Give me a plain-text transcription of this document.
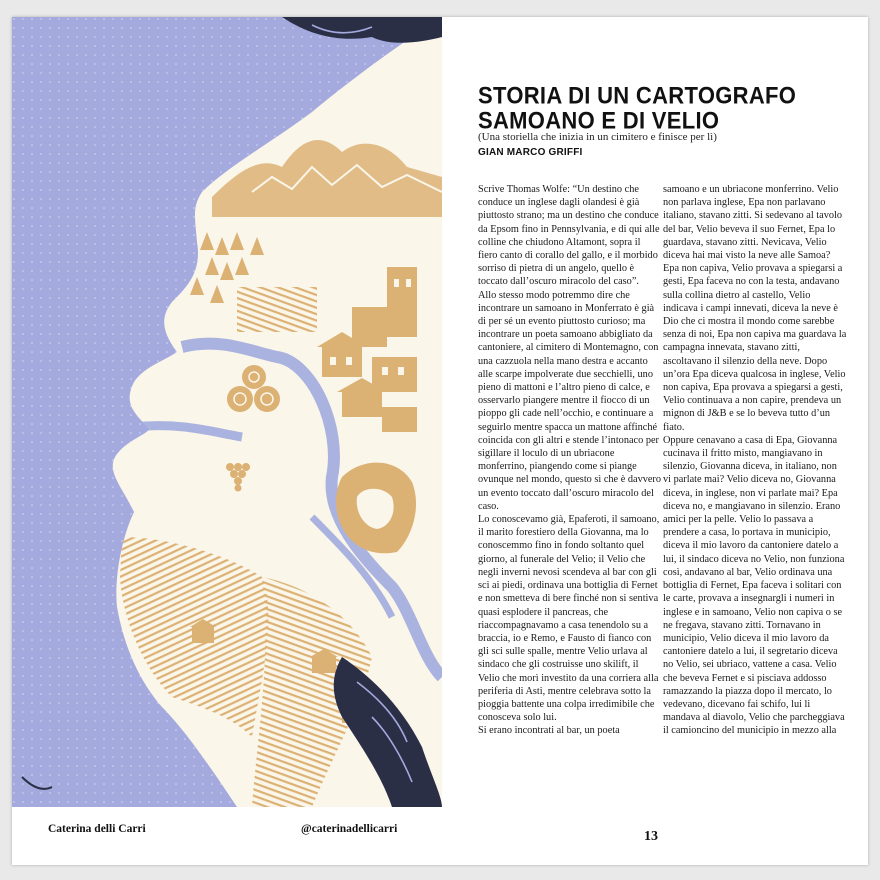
STORIA DI UN CARTOGRAFO
SAMOANO E DI VELIO
(Una storiella che inizia in un cimitero e finisce per lì)
GIAN MARCO GRIFFI

Scrive Thomas Wolfe: “Un destino che conduce un inglese dagli olandesi è già piuttosto strano; ma un destino che conduce da Epsom fino in Pennsylvania, e di qui alle colline che chiudono Altamont, sopra il fiero canto di corallo del gallo, e il morbido sorriso di pietra di un angelo, quello è toccato dall’oscuro miracolo del caso”.

Allo stesso modo potremmo dire che incontrare un samoano in Monferrato è già di per sé un evento piuttosto curioso; ma incontrare un poeta samoano abbigliato da cantoniere, al cimitero di Montemagno, con una cazzuola nella mano destra e accanto alle scarpe impolverate due secchielli, uno pieno di mattoni e l’altro pieno di calce, e osservarlo piangere mentre il fiocco di un pioppo gli cade nell’occhio, e continuare a seguirlo mentre spacca un mattone affinché coincida con gli altri e stende l’intonaco per sigillare il loculo di un ubriacone monferrino, piangendo come si piange ovunque nel mondo, questo sì che è davvero un evento toccato dall’oscuro miracolo del caso.

Lo conoscevamo già, Epaferoti, il samoano, il marito forestiero della Giovanna, ma lo conoscemmo fino in fondo soltanto quel giorno, al funerale del Velio; il Velio che negli inverni nevosi scendeva al bar con gli sci ai piedi, ordinava una bottiglia di Fernet e non smetteva di bere finché non si sentiva quasi esplodere il pancreas, che riaccompagnavamo a casa tenendolo su a braccia, io e Remo, e Fausto di fianco con gli sci sulle spalle, mentre Velio urlava al sindaco che gli costruisse uno skilift, il Velio che morì investito da una corriera alla periferia di Asti, mentre celebrava sotto la pioggia battente una colpa irredimibile che conosceva solo lui.

Si erano incontrati al bar, un poeta

samoano e un ubriacone monferrino. Velio non parlava inglese, Epa non parlavano italiano, stavano zitti. Si sedevano al tavolo del bar, Velio beveva il suo Fernet, Epa lo guardava, stavano zitti. Nevicava, Velio diceva hai mai visto la neve alle Samoa? Epa non capiva, Velio provava a spiegarsi a gesti, Epa faceva no con la testa, andavano sulla collina dietro al castello, Velio indicava i campi innevati, diceva la neve è Dio che ci mostra il mondo come sarebbe senza di noi, Epa non capiva ma guardava la campagna innevata, stavano zitti, ascoltavano il silenzio della neve. Dopo un’ora Epa diceva qualcosa in inglese, Velio non capiva, Epa provava a spiegarsi a gesti, Velio continuava a non capire, prendeva un mignon di J&B e se lo beveva tutto d’un fiato.

Oppure cenavano a casa di Epa, Giovanna cucinava il fritto misto, mangiavano in silenzio, Giovanna diceva, in italiano, non vi parlate mai? Velio diceva no, Giovanna diceva, in inglese, non vi parlate mai? Epa diceva no, e mangiavano in silenzio. Erano amici per la pelle. Velio lo passava a prendere a casa, lo portava in municipio, diceva il mio lavoro da cantoniere datelo a lui, il sindaco diceva no Velio, non funziona così, andavano al bar, Velio ordinava una bottiglia di Fernet, Epa faceva i solitari con le carte, provava a insegnargli i numeri in inglese e in samoano, Velio non capiva o se ne fregava, stavano zitti. Tornavano in municipio, Velio diceva il mio lavoro da cantoniere datelo a lui, il segretario diceva no Velio, sei ubriaco, vattene a casa. Velio che beveva Fernet e si pisciava addosso ramazzando la piazza dopo il mercato, lo vedevano, dicevano fai schifo, lui li mandava al diavolo, Velio che parcheggiava il camioncino del municipio in mezzo alla

Caterina delli Carri	@caterinadellicarri	13
